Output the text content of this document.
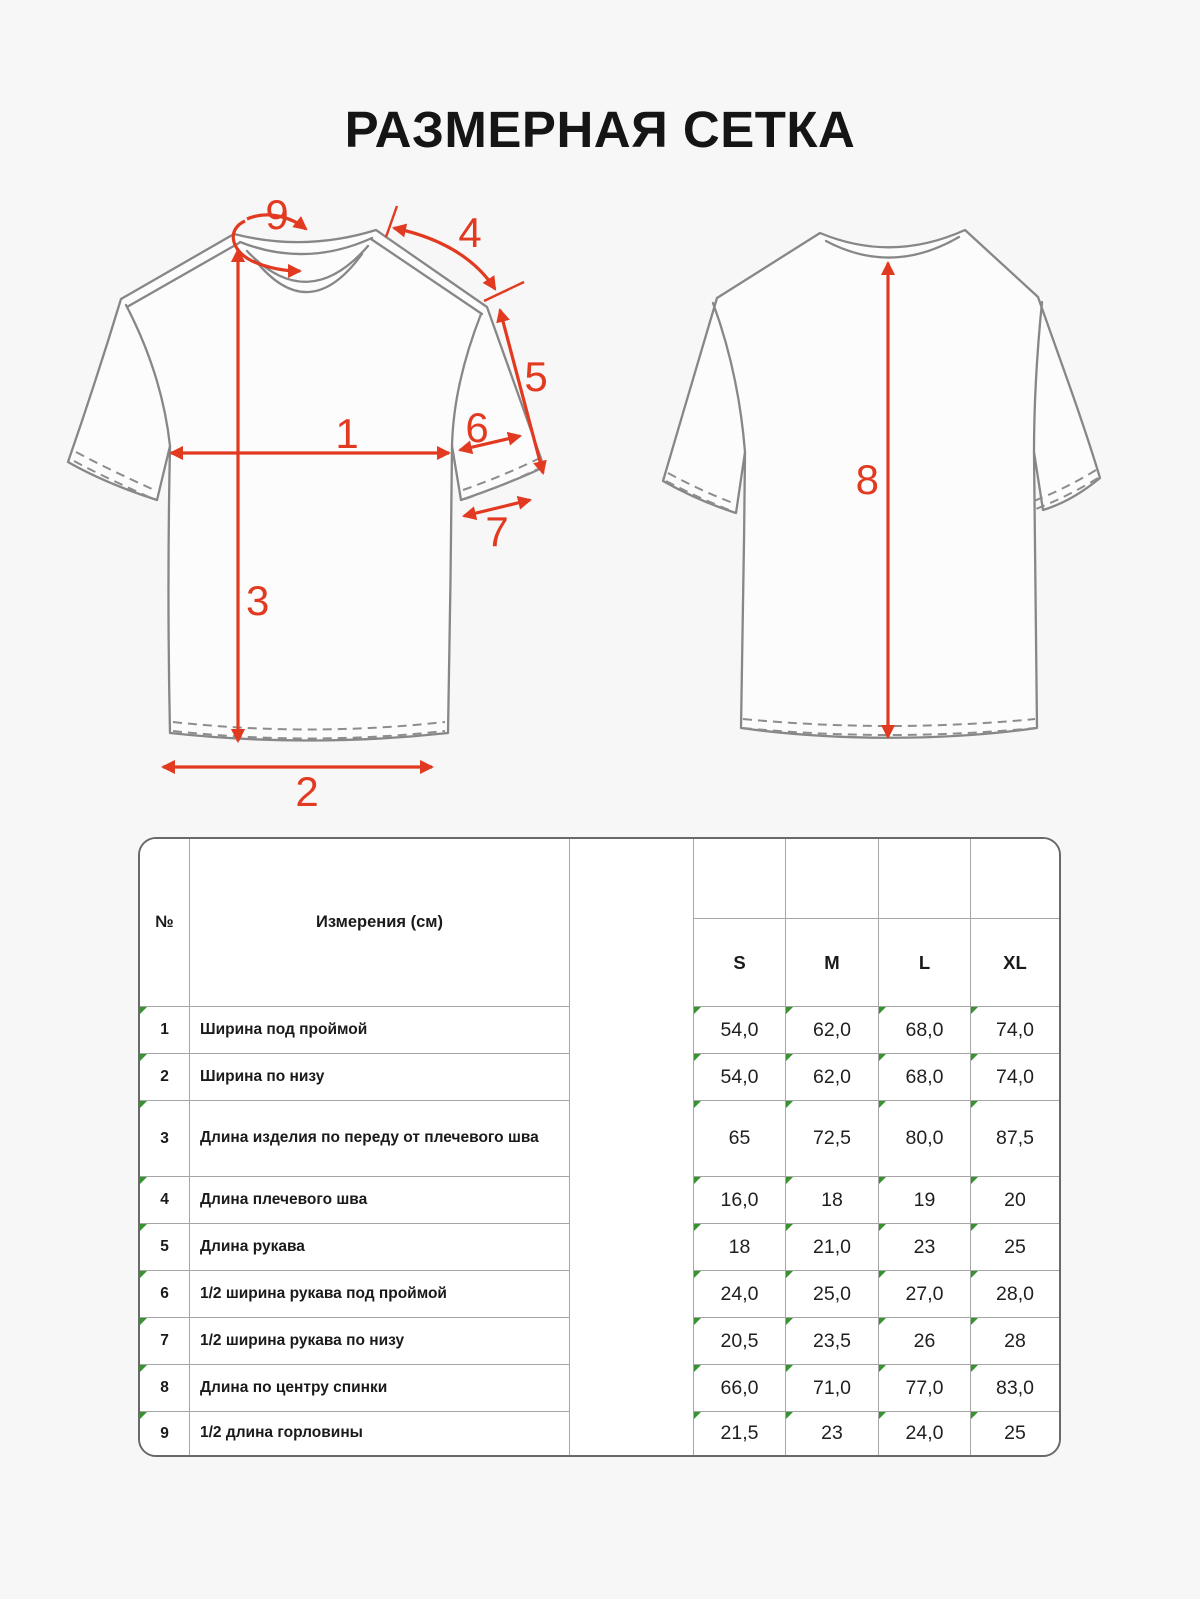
РАЗМЕРНАЯ СЕТКА
1
2
3
4
5
6
7
9
8
№	Измерения (см)
S	M	L	XL
1	Ширина под проймой	54,0	62,0	68,0	74,0
2	Ширина по низу	54,0	62,0	68,0	74,0
3	Длина изделия по переду от плечевого шва	65	72,5	80,0	87,5
4	Длина плечевого шва	16,0	18	19	20
5	Длина рукава	18	21,0	23	25
6	1/2 ширина рукава под проймой	24,0	25,0	27,0	28,0
7	1/2 ширина рукава по низу	20,5	23,5	26	28
8	Длина по центру спинки	66,0	71,0	77,0	83,0
9	1/2 длина горловины	21,5	23	24,0	25
